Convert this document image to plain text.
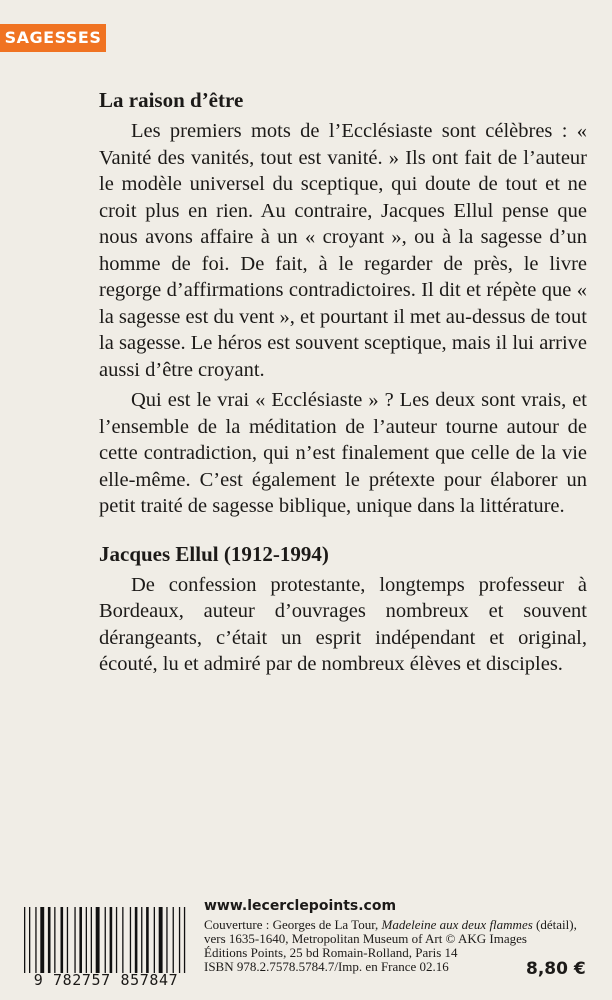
SAGESSES
La raison d’être

Les premiers mots de l’Ecclésiaste sont célèbres : « Vanité des vanités, tout est vanité. » Ils ont fait de l’auteur le modèle universel du sceptique, qui doute de tout et ne croit plus en rien. Au contraire, Jacques Ellul pense que nous avons affaire à un « croyant », ou à la sagesse d’un homme de foi. De fait, à le regarder de près, le livre regorge d’affirmations contradictoires. Il dit et répète que « la sagesse est du vent », et pourtant il met au-dessus de tout la sagesse. Le héros est souvent sceptique, mais il lui arrive aussi d’être croyant.

Qui est le vrai « Ecclésiaste » ? Les deux sont vrais, et l’ensemble de la méditation de l’auteur tourne autour de cette contradiction, qui n’est finalement que celle de la vie elle-même. C’est également le prétexte pour élaborer un petit traité de sagesse biblique, unique dans la littérature.

Jacques Ellul (1912-1994)

De confession protestante, longtemps professeur à Bordeaux, auteur d’ouvrages nombreux et souvent dérangeants, c’était un esprit indépendant et original, écouté, lu et admiré par de nombreux élèves et disciples.

9 782757 857847
www.lecerclepoints.com
Couverture : Georges de La Tour, Madeleine aux deux flammes (détail),
vers 1635-1640, Metropolitan Museum of Art © AKG Images
Éditions Points, 25 bd Romain-Rolland, Paris 14
ISBN 978.2.7578.5784.7/Imp. en France 02.16	8,80 €
